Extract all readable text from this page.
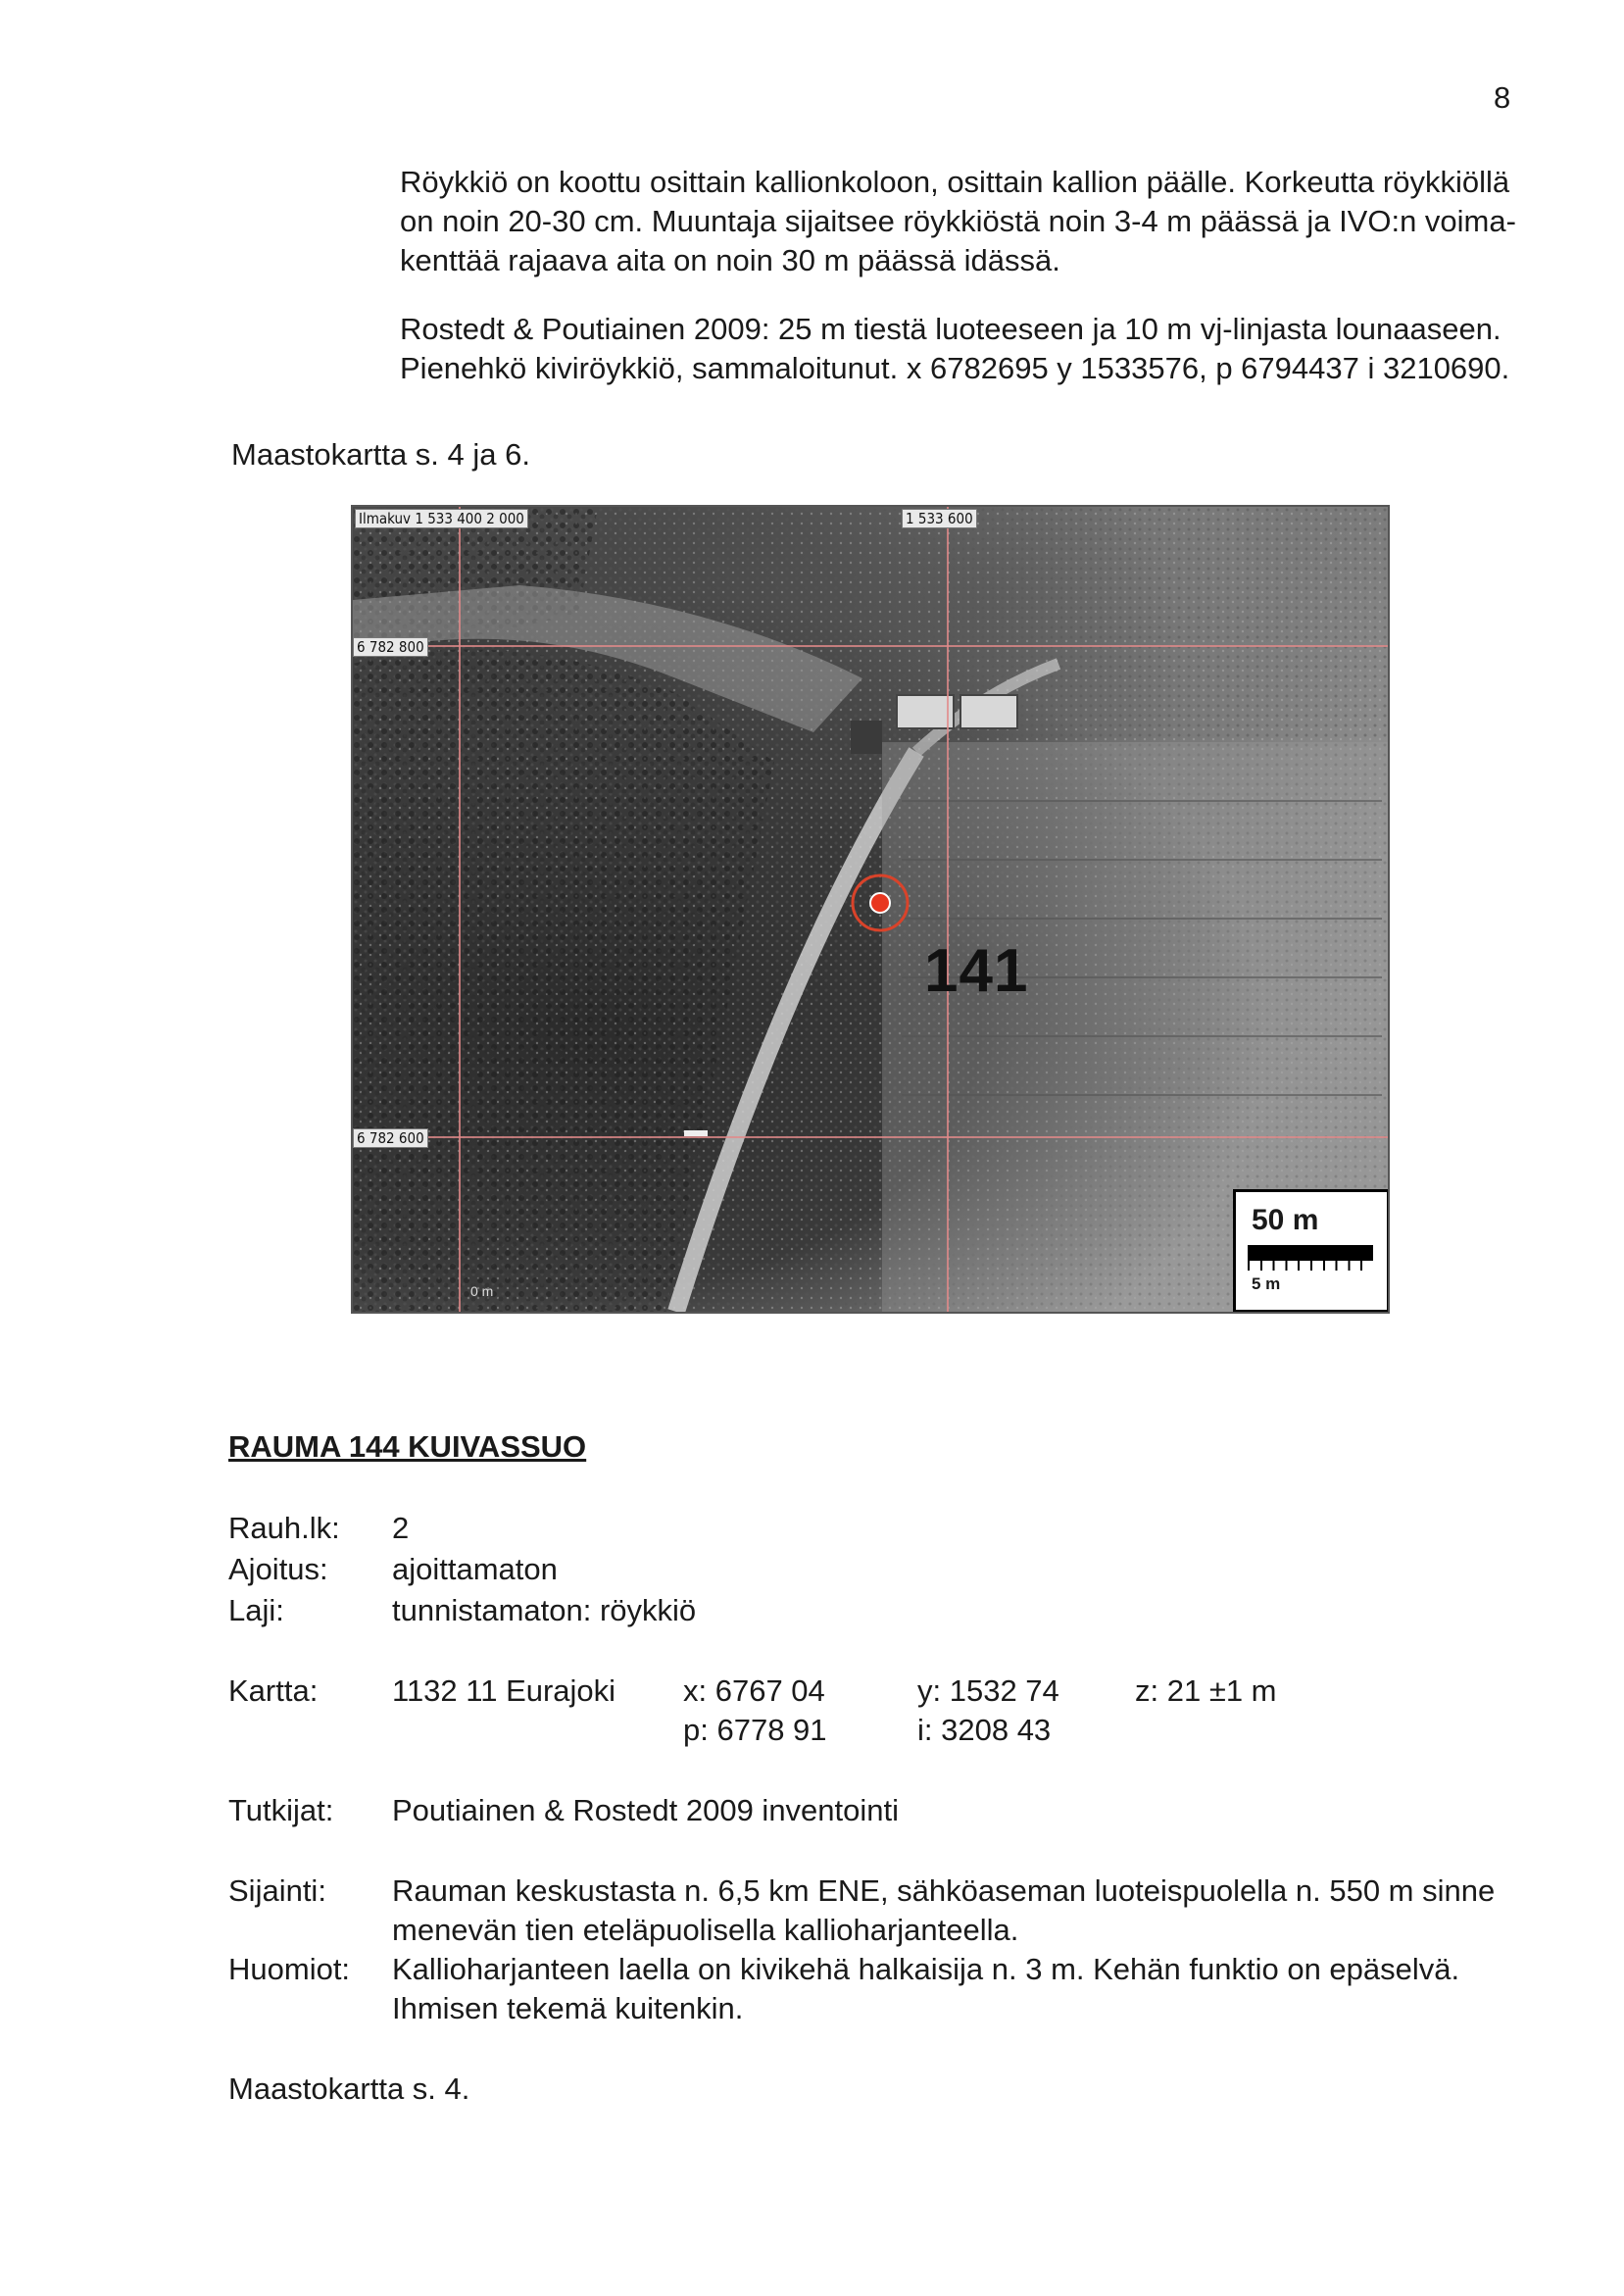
8
Röykkiö on koottu osittain kallionkoloon, osittain kallion päälle. Korkeutta röykkiöllä
on noin 20-30 cm. Muuntaja sijaitsee röykkiöstä noin 3-4 m päässä ja IVO:n voima-
kenttää rajaava aita on noin 30 m päässä idässä.
Rostedt & Poutiainen 2009: 25 m tiestä luoteeseen ja 10 m vj-linjasta lounaaseen.
Pienehkö kiviröykkiö, sammaloitunut. x 6782695 y 1533576, p 6794437 i 3210690.
Maastokartta s. 4 ja 6.
Ilmakuv 1 533 400 2 000	1 533 600
6 782 800
6 782 600
141
0 m
50 m
5 m
RAUMA 144 KUIVASSUO
Rauh.lk: 2
Ajoitus: ajoittamaton
Laji:	tunnistamaton: röykkiö
Kartta: 1132 11 Eurajoki x: 6767 04	y: 1532 74 z: 21 ±1 m
p: 6778 91	i: 3208 43
Tutkijat: Poutiainen & Rostedt 2009 inventointi
Sijainti: Rauman keskustasta n. 6,5 km ENE, sähköaseman luoteispuolella n. 550 m sinne
menevän tien eteläpuolisella kallioharjanteella.
Huomiot: Kallioharjanteen laella on kivikehä halkaisija n. 3 m. Kehän funktio on epäselvä.
Ihmisen tekemä kuitenkin.
Maastokartta s. 4.
